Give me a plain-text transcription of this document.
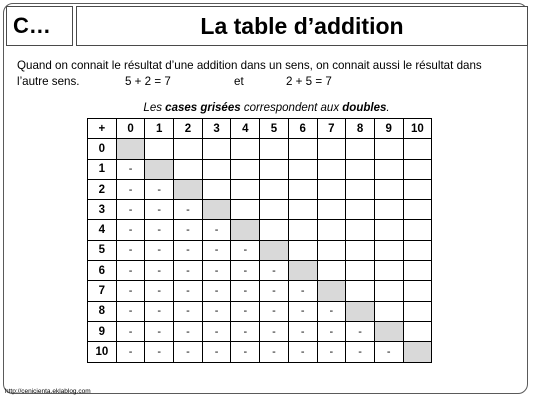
C…	La table d’addition
Quand on connait le résultat d’une addition dans un sens, on connait aussi le résultat dans
l’autre sens.	5 + 2 = 7	et	2 + 5 = 7
Les cases grisées correspondent aux doubles.
+	0	1	2	3	4	5	6	7	8	9	10
0											
1	-										
2	-	-									
3	-	-	-								
4	-	-	-	-							
5	-	-	-	-	-						
6	-	-	-	-	-	-					
7	-	-	-	-	-	-	-				
8	-	-	-	-	-	-	-	-			
9	-	-	-	-	-	-	-	-	-		
10	-	-	-	-	-	-	-	-	-	-	
http://cenicienta.eklablog.com
